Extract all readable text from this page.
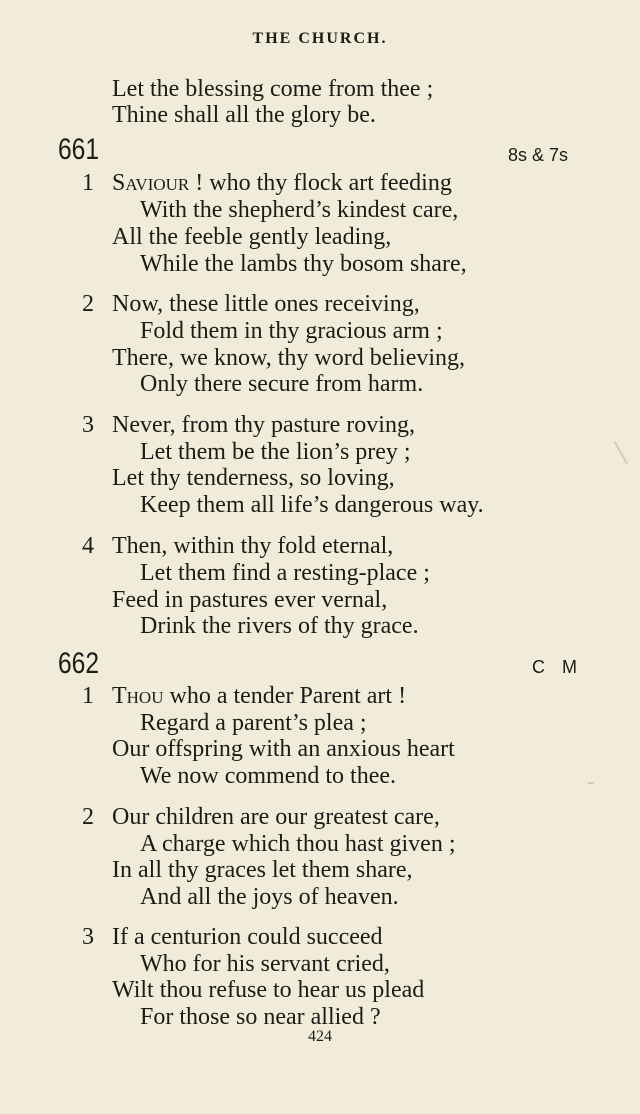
THE CHURCH.
Let the blessing come from thee ;
Thine shall all the glory be.
661	8s & 7s
1 Saviour ! who thy flock art feeding
With the shepherd’s kindest care,
All the feeble gently leading,
While the lambs thy bosom share,
2 Now, these little ones receiving,
Fold them in thy gracious arm ;
There, we know, thy word believing,
Only there secure from harm.
3 Never, from thy pasture roving,
Let them be the lion’s prey ;
Let thy tenderness, so loving,
Keep them all life’s dangerous way.
4 Then, within thy fold eternal,
Let them find a resting-place ;
Feed in pastures ever vernal,
Drink the rivers of thy grace.
662	C M
1 Thou who a tender Parent art !
Regard a parent’s plea ;
Our offspring with an anxious heart
We now commend to thee.
2 Our children are our greatest care,
A charge which thou hast given ;
In all thy graces let them share,
And all the joys of heaven.
3 If a centurion could succeed
Who for his servant cried,
Wilt thou refuse to hear us plead
For those so near allied ?
424
